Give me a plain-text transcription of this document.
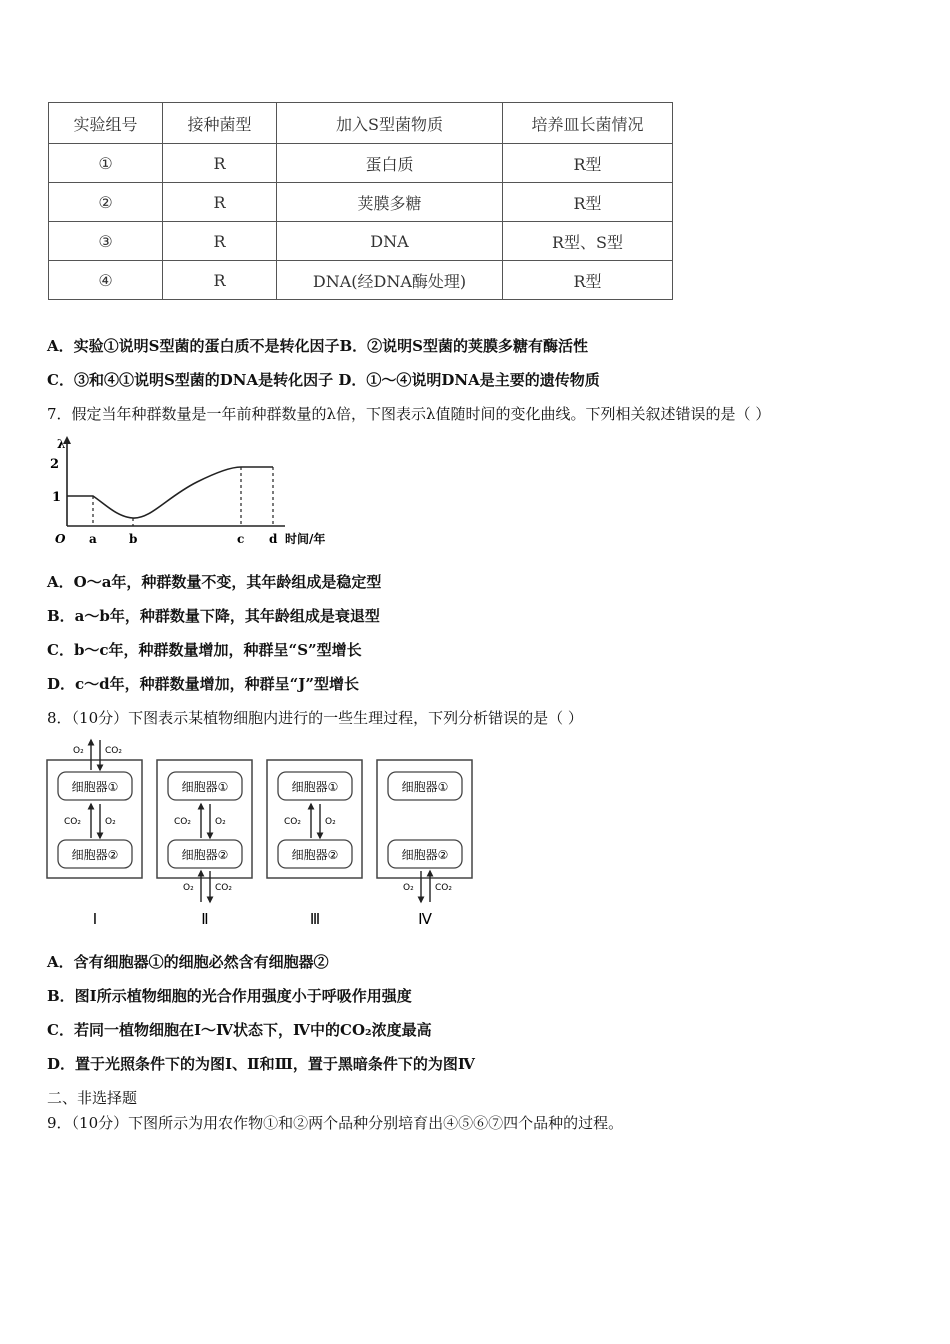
实验组号	接种菌型	加入S型菌物质	培养皿长菌情况
①	R	蛋白质	R型
②	R	荚膜多糖	R型
③	R	DNA	R型、S型
④	R	DNA(经DNA酶处理)	R型
A．实验①说明S型菌的蛋白质不是转化因子B．②说明S型菌的荚膜多糖有酶活性
C．③和④①说明S型菌的DNA是转化因子 D．①～④说明DNA是主要的遗传物质
7．假定当年种群数量是一年前种群数量的λ倍，下图表示λ值随时间的变化曲线。下列相关叙述错误的是（ ）
λ
2
1
O a	b	c d 时间/年
A．O～a年，种群数量不变，其年龄组成是稳定型
B．a～b年，种群数量下降，其年龄组成是衰退型
C．b～c年，种群数量增加，种群呈“S”型增长
D．c～d年，种群数量增加，种群呈“J”型增长
8．（10分）下图表示某植物细胞内进行的一些生理过程，下列分析错误的是（ ）
细胞器①
细胞器②
CO₂	O₂
O₂ CO₂
Ⅰ
细胞器①
细胞器②
CO₂	O₂
O₂ CO₂
Ⅱ
细胞器①
细胞器②
CO₂	O₂
Ⅲ
细胞器①
细胞器②
O₂ CO₂
Ⅳ
A．含有细胞器①的细胞必然含有细胞器②
B．图Ⅰ所示植物细胞的光合作用强度小于呼吸作用强度
C．若同一植物细胞在Ⅰ～Ⅳ状态下，Ⅳ中的CO₂浓度最高
D．置于光照条件下的为图Ⅰ、Ⅱ和Ⅲ，置于黑暗条件下的为图Ⅳ
二、非选择题
9．（10分）下图所示为用农作物①和②两个品种分别培育出④⑤⑥⑦四个品种的过程。
